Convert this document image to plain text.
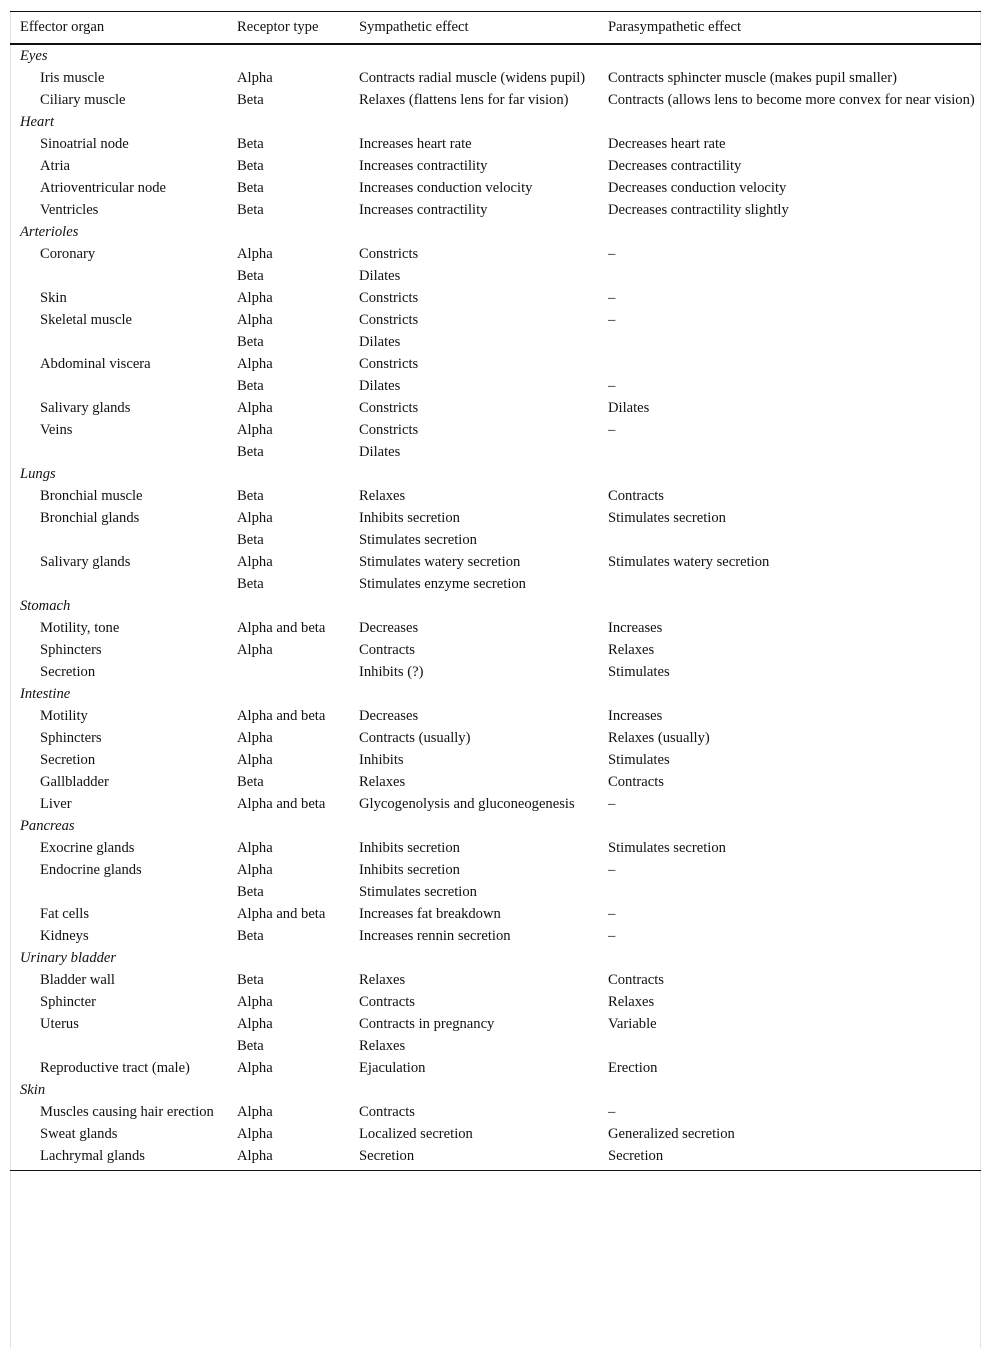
Effector organ	Receptor type	Sympathetic effect	Parasympathetic effect
Eyes			
Iris muscle	Alpha	Contracts radial muscle (widens pupil)	Contracts sphincter muscle (makes pupil smaller)
Ciliary muscle	Beta	Relaxes (flattens lens for far vision)	Contracts (allows lens to become more convex for near vision)
Heart			
Sinoatrial node	Beta	Increases heart rate	Decreases heart rate
Atria	Beta	Increases contractility	Decreases contractility
Atrioventricular node	Beta	Increases conduction velocity	Decreases conduction velocity
Ventricles	Beta	Increases contractility	Decreases contractility slightly
Arterioles			
Coronary	Alpha	Constricts	–
	Beta	Dilates	
Skin	Alpha	Constricts	–
Skeletal muscle	Alpha	Constricts	–
	Beta	Dilates	
Abdominal viscera	Alpha	Constricts	
	Beta	Dilates	–
Salivary glands	Alpha	Constricts	Dilates
Veins	Alpha	Constricts	–
	Beta	Dilates	
Lungs			
Bronchial muscle	Beta	Relaxes	Contracts
Bronchial glands	Alpha	Inhibits secretion	Stimulates secretion
	Beta	Stimulates secretion	
Salivary glands	Alpha	Stimulates watery secretion	Stimulates watery secretion
	Beta	Stimulates enzyme secretion	
Stomach			
Motility, tone	Alpha and beta	Decreases	Increases
Sphincters	Alpha	Contracts	Relaxes
Secretion		Inhibits (?)	Stimulates
Intestine			
Motility	Alpha and beta	Decreases	Increases
Sphincters	Alpha	Contracts (usually)	Relaxes (usually)
Secretion	Alpha	Inhibits	Stimulates
Gallbladder	Beta	Relaxes	Contracts
Liver	Alpha and beta	Glycogenolysis and gluconeogenesis	–
Pancreas			
Exocrine glands	Alpha	Inhibits secretion	Stimulates secretion
Endocrine glands	Alpha	Inhibits secretion	–
	Beta	Stimulates secretion	
Fat cells	Alpha and beta	Increases fat breakdown	–
Kidneys	Beta	Increases rennin secretion	–
Urinary bladder			
Bladder wall	Beta	Relaxes	Contracts
Sphincter	Alpha	Contracts	Relaxes
Uterus	Alpha	Contracts in pregnancy	Variable
	Beta	Relaxes	
Reproductive tract (male)	Alpha	Ejaculation	Erection
Skin			
Muscles causing hair erection	Alpha	Contracts	–
Sweat glands	Alpha	Localized secretion	Generalized secretion
Lachrymal glands	Alpha	Secretion	Secretion
